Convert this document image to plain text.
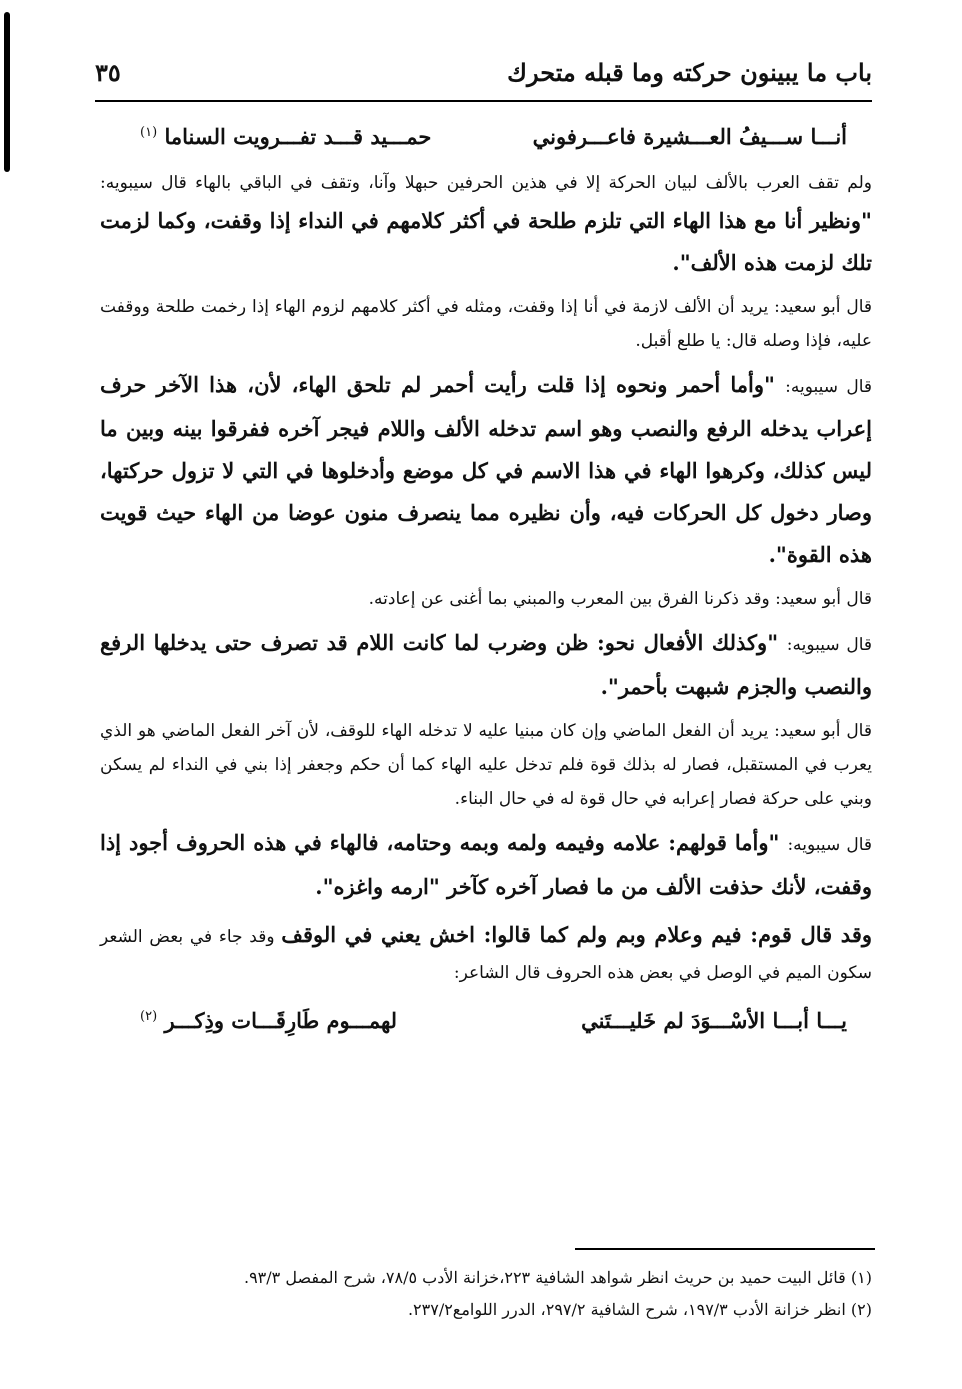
باب ما يبينون حركته وما قبله متحرك
٣٥
أنـــا ســـيفُ العـــشيرة فاعـــرفوني
حمـــيد قـــد تفـــرويت السناما $^{(١)}$

ولم تقف العرب بالألف لبيان الحركة إلا في هذين الحرفين حبهلا وآنا، وتقف في الباقي بالهاء قال سيبويه: "ونظير أنا مع هذا الهاء التي تلزم طلحة في أكثر كلامهم في النداء إذا وقفت، وكما لزمت تلك لزمت هذه الألف".

قال أبو سعيد: يريد أن الألف لازمة في أنا إذا وقفت، ومثله في أكثر كلامهم لزوم الهاء إذا رخمت طلحة ووقفت عليه، فإذا وصله قال: يا طلع أقبل.

قال سيبويه: "وأما أحمر ونحوه إذا قلت رأيت أحمر لم تلحق الهاء، لأن، هذا الآخر حرف إعراب يدخله الرفع والنصب وهو اسم تدخله الألف واللام فيجر آخره ففرقوا بينه وبين ما ليس كذلك، وكرهوا الهاء في هذا الاسم في كل موضع وأدخلوها في التي لا تزول حركتها، وصار دخول كل الحركات فيه، وأن نظيره مما ينصرف منون عوضا من الهاء حيث قويت هذه القوة".

قال أبو سعيد: وقد ذكرنا الفرق بين المعرب والمبني بما أغنى عن إعادته.

قال سيبويه: "وكذلك الأفعال نحو: ظن وضرب لما كانت اللام قد تصرف حتى يدخلها الرفع والنصب والجزم شبهت بأحمر".

قال أبو سعيد: يريد أن الفعل الماضي وإن كان مبنيا عليه لا تدخله الهاء للوقف، لأن آخر الفعل الماضي هو الذي يعرب في المستقبل، فصار له بذلك قوة فلم تدخل عليه الهاء كما أن حكم وجعفر إذا بني في النداء لم يسكن وبني على حركة فصار إعرابه في حال قوة له في حال البناء.

قال سيبويه: "وأما قولهم: علامه وفيمه ولمه وبمه وحتامه، فالهاء في هذه الحروف أجود إذا وقفت، لأنك حذفت الألف من ما فصار آخره كآخر "ارمه واغزه".

وقد قال قوم: فيم وعلام وبم ولم كما قالوا: اخش يعني في الوقف وقد جاء في بعض الشعر سكون الميم في الوصل في بعض هذه الحروف قال الشاعر:

يـــا أبـــا الأسْـــوَدَ لم خَليـــتَني
لهمـــوم طَارِقَـــات وذِكـــر $^{(٢)}$
(١) قائل البيت حميد بن حريث انظر شواهد الشافية ٢٢٣،خزانة الأدب ٧٨/٥، شرح المفصل ٩٣/٣.
(٢) انظر خزانة الأدب ١٩٧/٣، شرح الشافية ٢٩٧/٢، الدرر اللوامع٢٣٧/٢.
